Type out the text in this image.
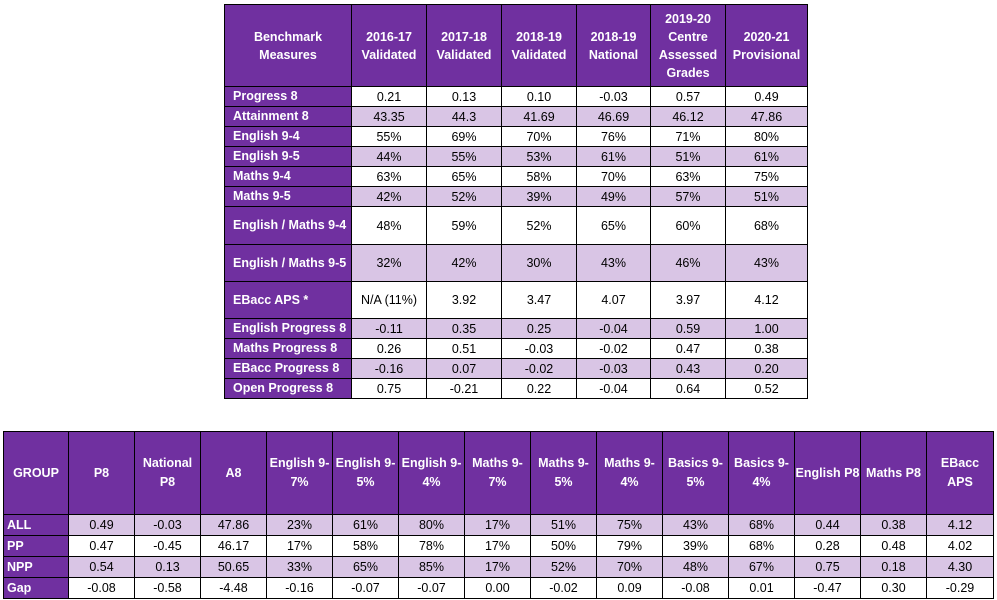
Benchmark Measures	2016-17 Validated	2017-18 Validated	2018-19 Validated	2018-19 National	2019-20 Centre Assessed Grades	2020-21 Provisional
Progress 8	0.21	0.13	0.10	-0.03	0.57	0.49
Attainment 8	43.35	44.3	41.69	46.69	46.12	47.86
English 9-4	55%	69%	70%	76%	71%	80%
English 9-5	44%	55%	53%	61%	51%	61%
Maths 9-4	63%	65%	58%	70%	63%	75%
Maths 9-5	42%	52%	39%	49%	57%	51%
English / Maths 9-4	48%	59%	52%	65%	60%	68%
English / Maths 9-5	32%	42%	30%	43%	46%	43%
EBacc APS *	N/A (11%)	3.92	3.47	4.07	3.97	4.12
English Progress 8	-0.11	0.35	0.25	-0.04	0.59	1.00
Maths Progress 8	0.26	0.51	-0.03	-0.02	0.47	0.38
EBacc Progress 8	-0.16	0.07	-0.02	-0.03	0.43	0.20
Open Progress 8	0.75	-0.21	0.22	-0.04	0.64	0.52
GROUP	P8	National P8	A8	English 9-7%	English 9-5%	English 9-4%	Maths 9-7%	Maths 9-5%	Maths 9-4%	Basics 9-5%	Basics 9-4%	English P8	Maths P8	EBacc APS
ALL	0.49	-0.03	47.86	23%	61%	80%	17%	51%	75%	43%	68%	0.44	0.38	4.12
PP	0.47	-0.45	46.17	17%	58%	78%	17%	50%	79%	39%	68%	0.28	0.48	4.02
NPP	0.54	0.13	50.65	33%	65%	85%	17%	52%	70%	48%	67%	0.75	0.18	4.30
Gap	-0.08	-0.58	-4.48	-0.16	-0.07	-0.07	0.00	-0.02	0.09	-0.08	0.01	-0.47	0.30	-0.29
